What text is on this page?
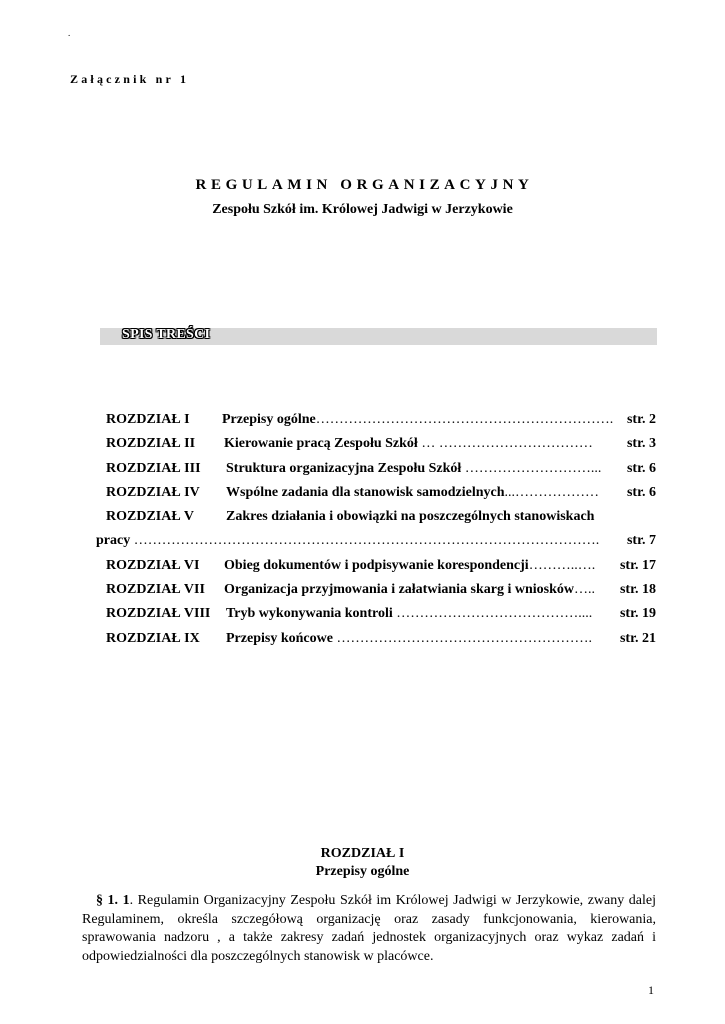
.
Załącznik nr 1
REGULAMIN ORGANIZACYJNY
Zespołu Szkół im. Królowej Jadwigi w Jerzykowie
SPIS TREŚCI
ROZDZIAŁ I Przepisy ogólne………………………………………………………. str. 2
ROZDZIAŁ II Kierowanie pracą Zespołu Szkół … …………………………… str. 3
ROZDZIAŁ III Struktura organizacyjna Zespołu Szkół ………………………... str. 6
ROZDZIAŁ IV Wspólne zadania dla stanowisk samodzielnych...……………… str. 6
ROZDZIAŁ V Zakres działania i obowiązki na poszczególnych stanowiskach
pracy ………………………………………………………………………………………. str. 7
ROZDZIAŁ VI Obieg dokumentów i podpisywanie korespondencji………..…. str. 17
ROZDZIAŁ VII Organizacja przyjmowania i załatwiania skarg i wniosków….. str. 18
ROZDZIAŁ VIII Tryb wykonywania kontroli ………………………………….... str. 19
ROZDZIAŁ IX Przepisy końcowe ………………………………………………. str. 21
ROZDZIAŁ I
Przepisy ogólne
§ 1. 1. Regulamin Organizacyjny Zespołu Szkół im Królowej Jadwigi w Jerzykowie, zwany dalej Regulaminem, określa szczegółową organizację oraz zasady funkcjonowania, kierowania, sprawowania nadzoru , a także zakresy zadań jednostek organizacyjnych oraz wykaz zadań i odpowiedzialności dla poszczególnych stanowisk w placówce.
1
